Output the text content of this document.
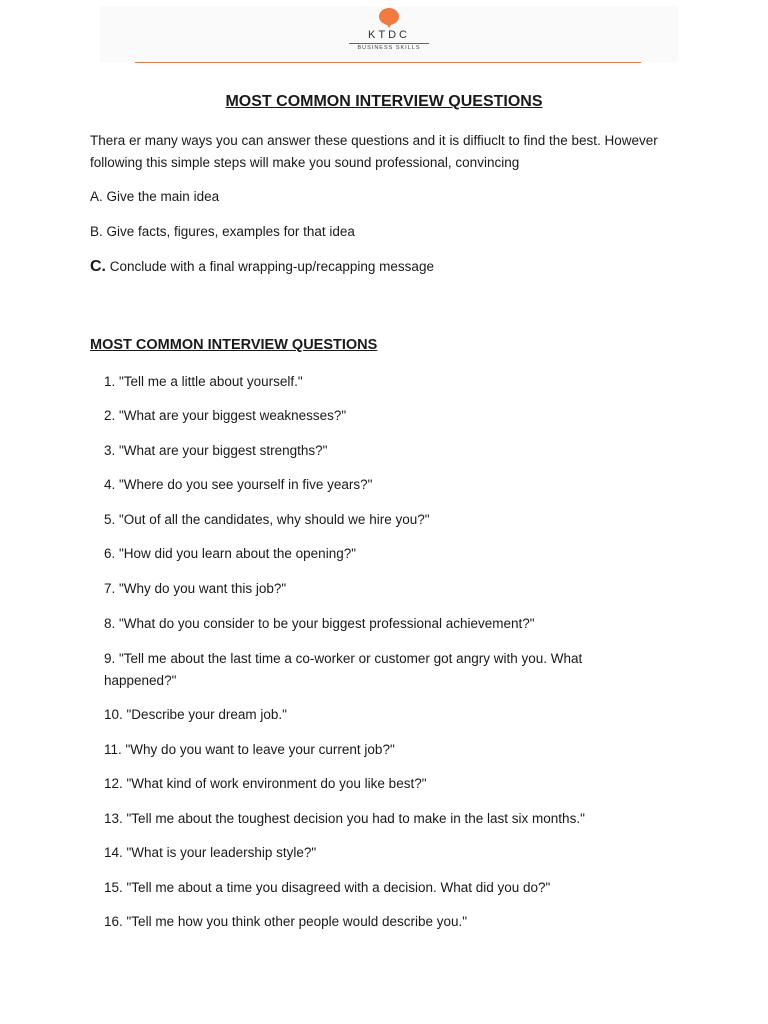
KTDC
BUSINESS SKILLS
MOST COMMON INTERVIEW QUESTIONS
Thera er many ways you can answer these questions and it is diffiuclt to find the best. However following this simple steps will make you sound professional, convincing
A. Give the main idea
B. Give facts, figures, examples for that idea
C. Conclude with a final wrapping-up/recapping message
MOST COMMON INTERVIEW QUESTIONS
1. "Tell me a little about yourself."
2. "What are your biggest weaknesses?"
3. "What are your biggest strengths?"
4. "Where do you see yourself in five years?"
5. "Out of all the candidates, why should we hire you?"
6. "How did you learn about the opening?"
7. "Why do you want this job?"
8. "What do you consider to be your biggest professional achievement?"
9. "Tell me about the last time a co-worker or customer got angry with you. What happened?"
10. "Describe your dream job."
11. "Why do you want to leave your current job?"
12. "What kind of work environment do you like best?"
13. "Tell me about the toughest decision you had to make in the last six months."
14. "What is your leadership style?"
15. "Tell me about a time you disagreed with a decision. What did you do?"
16. "Tell me how you think other people would describe you."
